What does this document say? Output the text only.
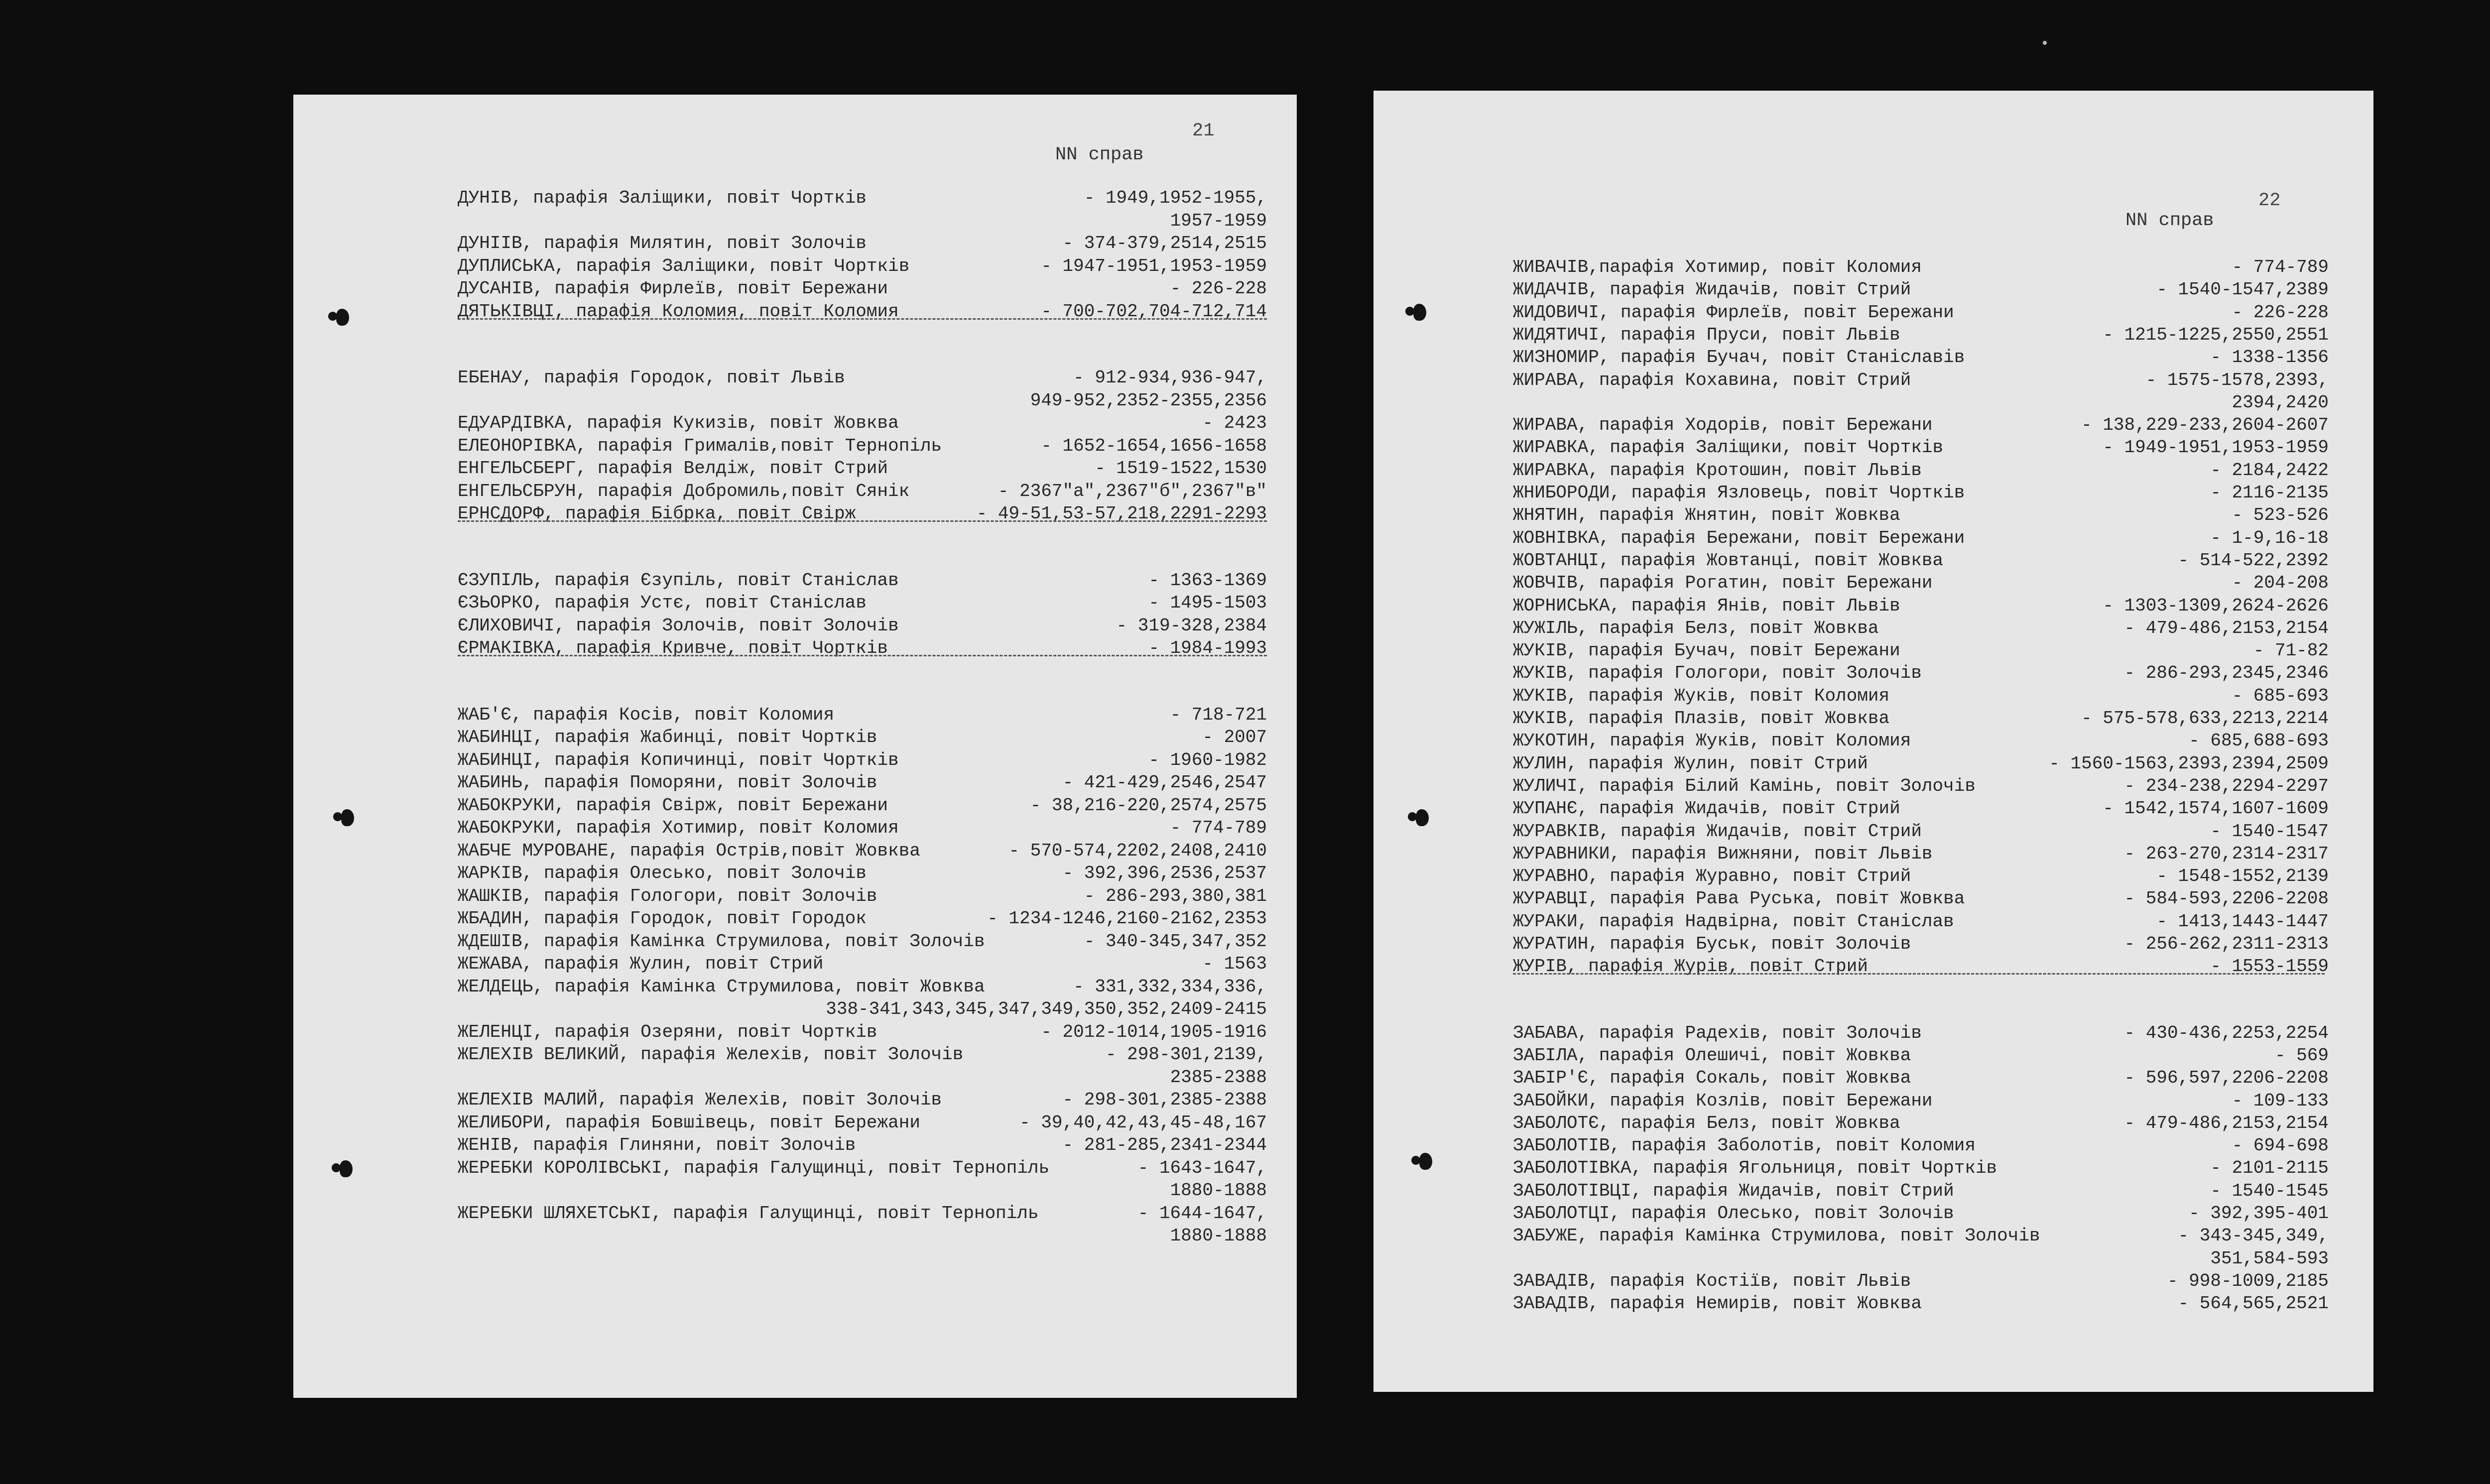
21
NN справ
ДУНІВ, парафія Заліщики, повіт Чортків	- 1949,1952-1955,
1957-1959
ДУНІІВ, парафія Милятин, повіт Золочів	- 374-379,2514,2515
ДУПЛИСЬКА, парафія Заліщики, повіт Чортків	- 1947-1951,1953-1959
ДУСАНІВ, парафія Фирлеїв, повіт Бережани	- 226-228
ДЯТЬКІВЦІ, парафія Коломия, повіт Коломия	- 700-702,704-712,714
ЕБЕНАУ, парафія Городок, повіт Львів	- 912-934,936-947,
949-952,2352-2355,2356
ЕДУАРДІВКА, парафія Кукизів, повіт Жовква	- 2423
ЕЛЕОНОРІВКА, парафія Грималів,повіт Тернопіль	- 1652-1654,1656-1658
ЕНГЕЛЬСБЕРГ, парафія Велдіж, повіт Стрий	- 1519-1522,1530
ЕНГЕЛЬСБРУН, парафія Добромиль,повіт Сянік	- 2367"а",2367"б",2367"в"
ЕРНСДОРФ, парафія Бібрка, повіт Свірж	- 49-51,53-57,218,2291-2293
ЄЗУПІЛЬ, парафія Єзупіль, повіт Станіслав	- 1363-1369
ЄЗЬОРКО, парафія Устє, повіт Станіслав	- 1495-1503
ЄЛИХОВИЧІ, парафія Золочів, повіт Золочів	- 319-328,2384
ЄРМАКІВКА, парафія Кривче, повіт Чортків	- 1984-1993
ЖАБ'Є, парафія Косів, повіт Коломия	- 718-721
ЖАБИНЦІ, парафія Жабинці, повіт Чортків	- 2007
ЖАБИНЦІ, парафія Копичинці, повіт Чортків	- 1960-1982
ЖАБИНЬ, парафія Поморяни, повіт Золочів	- 421-429,2546,2547
ЖАБОКРУКИ, парафія Свірж, повіт Бережани	- 38,216-220,2574,2575
ЖАБОКРУКИ, парафія Хотимир, повіт Коломия	- 774-789
ЖАБЧЕ МУРОВАНЕ, парафія Острів,повіт Жовква	- 570-574,2202,2408,2410
ЖАРКІВ, парафія Олесько, повіт Золочів	- 392,396,2536,2537
ЖАШКІВ, парафія Гологори, повіт Золочів	- 286-293,380,381
ЖБАДИН, парафія Городок, повіт Городок	- 1234-1246,2160-2162,2353
ЖДЕШІВ, парафія Камінка Струмилова, повіт Золочів	- 340-345,347,352
ЖЕЖАВА, парафія Жулин, повіт Стрий	- 1563
ЖЕЛДЕЦЬ, парафія Камінка Струмилова, повіт Жовква	- 331,332,334,336,
338-341,343,345,347,349,350,352,2409-2415
ЖЕЛЕНЦІ, парафія Озеряни, повіт Чортків	- 2012-1014,1905-1916
ЖЕЛЕХІВ ВЕЛИКИЙ, парафія Желехів, повіт Золочів	- 298-301,2139,
2385-2388
ЖЕЛЕХІВ МАЛИЙ, парафія Желехів, повіт Золочів	- 298-301,2385-2388
ЖЕЛИБОРИ, парафія Бовшівець, повіт Бережани	- 39,40,42,43,45-48,167
ЖЕНІВ, парафія Глиняни, повіт Золочів	- 281-285,2341-2344
ЖЕРЕБКИ КОРОЛІВСЬКІ, парафія Галущинці, повіт Тернопіль	- 1643-1647,
1880-1888
ЖЕРЕБКИ ШЛЯХЕТСЬКІ, парафія Галущинці, повіт Тернопіль	- 1644-1647,
1880-1888
22
NN справ
ЖИВАЧІВ,парафія Хотимир, повіт Коломия	- 774-789
ЖИДАЧІВ, парафія Жидачів, повіт Стрий	- 1540-1547,2389
ЖИДОВИЧІ, парафія Фирлеїв, повіт Бережани	- 226-228
ЖИДЯТИЧІ, парафія Пруси, повіт Львів	- 1215-1225,2550,2551
ЖИЗНОМИР, парафія Бучач, повіт Станіславів	- 1338-1356
ЖИРАВА, парафія Кохавина, повіт Стрий	- 1575-1578,2393,
2394,2420
ЖИРАВА, парафія Ходорів, повіт Бережани	- 138,229-233,2604-2607
ЖИРАВКА, парафія Заліщики, повіт Чортків	- 1949-1951,1953-1959
ЖИРАВКА, парафія Кротошин, повіт Львів	- 2184,2422
ЖНИБОРОДИ, парафія Язловець, повіт Чортків	- 2116-2135
ЖНЯТИН, парафія Жнятин, повіт Жовква	- 523-526
ЖОВНІВКА, парафія Бережани, повіт Бережани	- 1-9,16-18
ЖОВТАНЦІ, парафія Жовтанці, повіт Жовква	- 514-522,2392
ЖОВЧІВ, парафія Рогатин, повіт Бережани	- 204-208
ЖОРНИСЬКА, парафія Янів, повіт Львів	- 1303-1309,2624-2626
ЖУЖІЛЬ, парафія Белз, повіт Жовква	- 479-486,2153,2154
ЖУКІВ, парафія Бучач, повіт Бережани	- 71-82
ЖУКІВ, парафія Гологори, повіт Золочів	- 286-293,2345,2346
ЖУКІВ, парафія Жуків, повіт Коломия	- 685-693
ЖУКІВ, парафія Плазів, повіт Жовква	- 575-578,633,2213,2214
ЖУКОТИН, парафія Жуків, повіт Коломия	- 685,688-693
ЖУЛИН, парафія Жулин, повіт Стрий	- 1560-1563,2393,2394,2509
ЖУЛИЧІ, парафія Білий Камінь, повіт Золочів	- 234-238,2294-2297
ЖУПАНЄ, парафія Жидачів, повіт Стрий	- 1542,1574,1607-1609
ЖУРАВКІВ, парафія Жидачів, повіт Стрий	- 1540-1547
ЖУРАВНИКИ, парафія Вижняни, повіт Львів	- 263-270,2314-2317
ЖУРАВНО, парафія Журавно, повіт Стрий	- 1548-1552,2139
ЖУРАВЦІ, парафія Рава Руська, повіт Жовква	- 584-593,2206-2208
ЖУРАКИ, парафія Надвірна, повіт Станіслав	- 1413,1443-1447
ЖУРАТИН, парафія Буськ, повіт Золочів	- 256-262,2311-2313
ЖУРІВ, парафія Журів, повіт Стрий	- 1553-1559
ЗАБАВА, парафія Радехів, повіт Золочів	- 430-436,2253,2254
ЗАБІЛА, парафія Олешичі, повіт Жовква	- 569
ЗАБІР'Є, парафія Сокаль, повіт Жовква	- 596,597,2206-2208
ЗАБОЙКИ, парафія Козлів, повіт Бережани	- 109-133
ЗАБОЛОТЄ, парафія Белз, повіт Жовква	- 479-486,2153,2154
ЗАБОЛОТІВ, парафія Заболотів, повіт Коломия	- 694-698
ЗАБОЛОТІВКА, парафія Ягольниця, повіт Чортків	- 2101-2115
ЗАБОЛОТІВЦІ, парафія Жидачів, повіт Стрий	- 1540-1545
ЗАБОЛОТЦІ, парафія Олесько, повіт Золочів	- 392,395-401
ЗАБУЖЕ, парафія Камінка Струмилова, повіт Золочів	- 343-345,349,
351,584-593
ЗАВАДІВ, парафія Костіїв, повіт Львів	- 998-1009,2185
ЗАВАДІВ, парафія Немирів, повіт Жовква	- 564,565,2521
